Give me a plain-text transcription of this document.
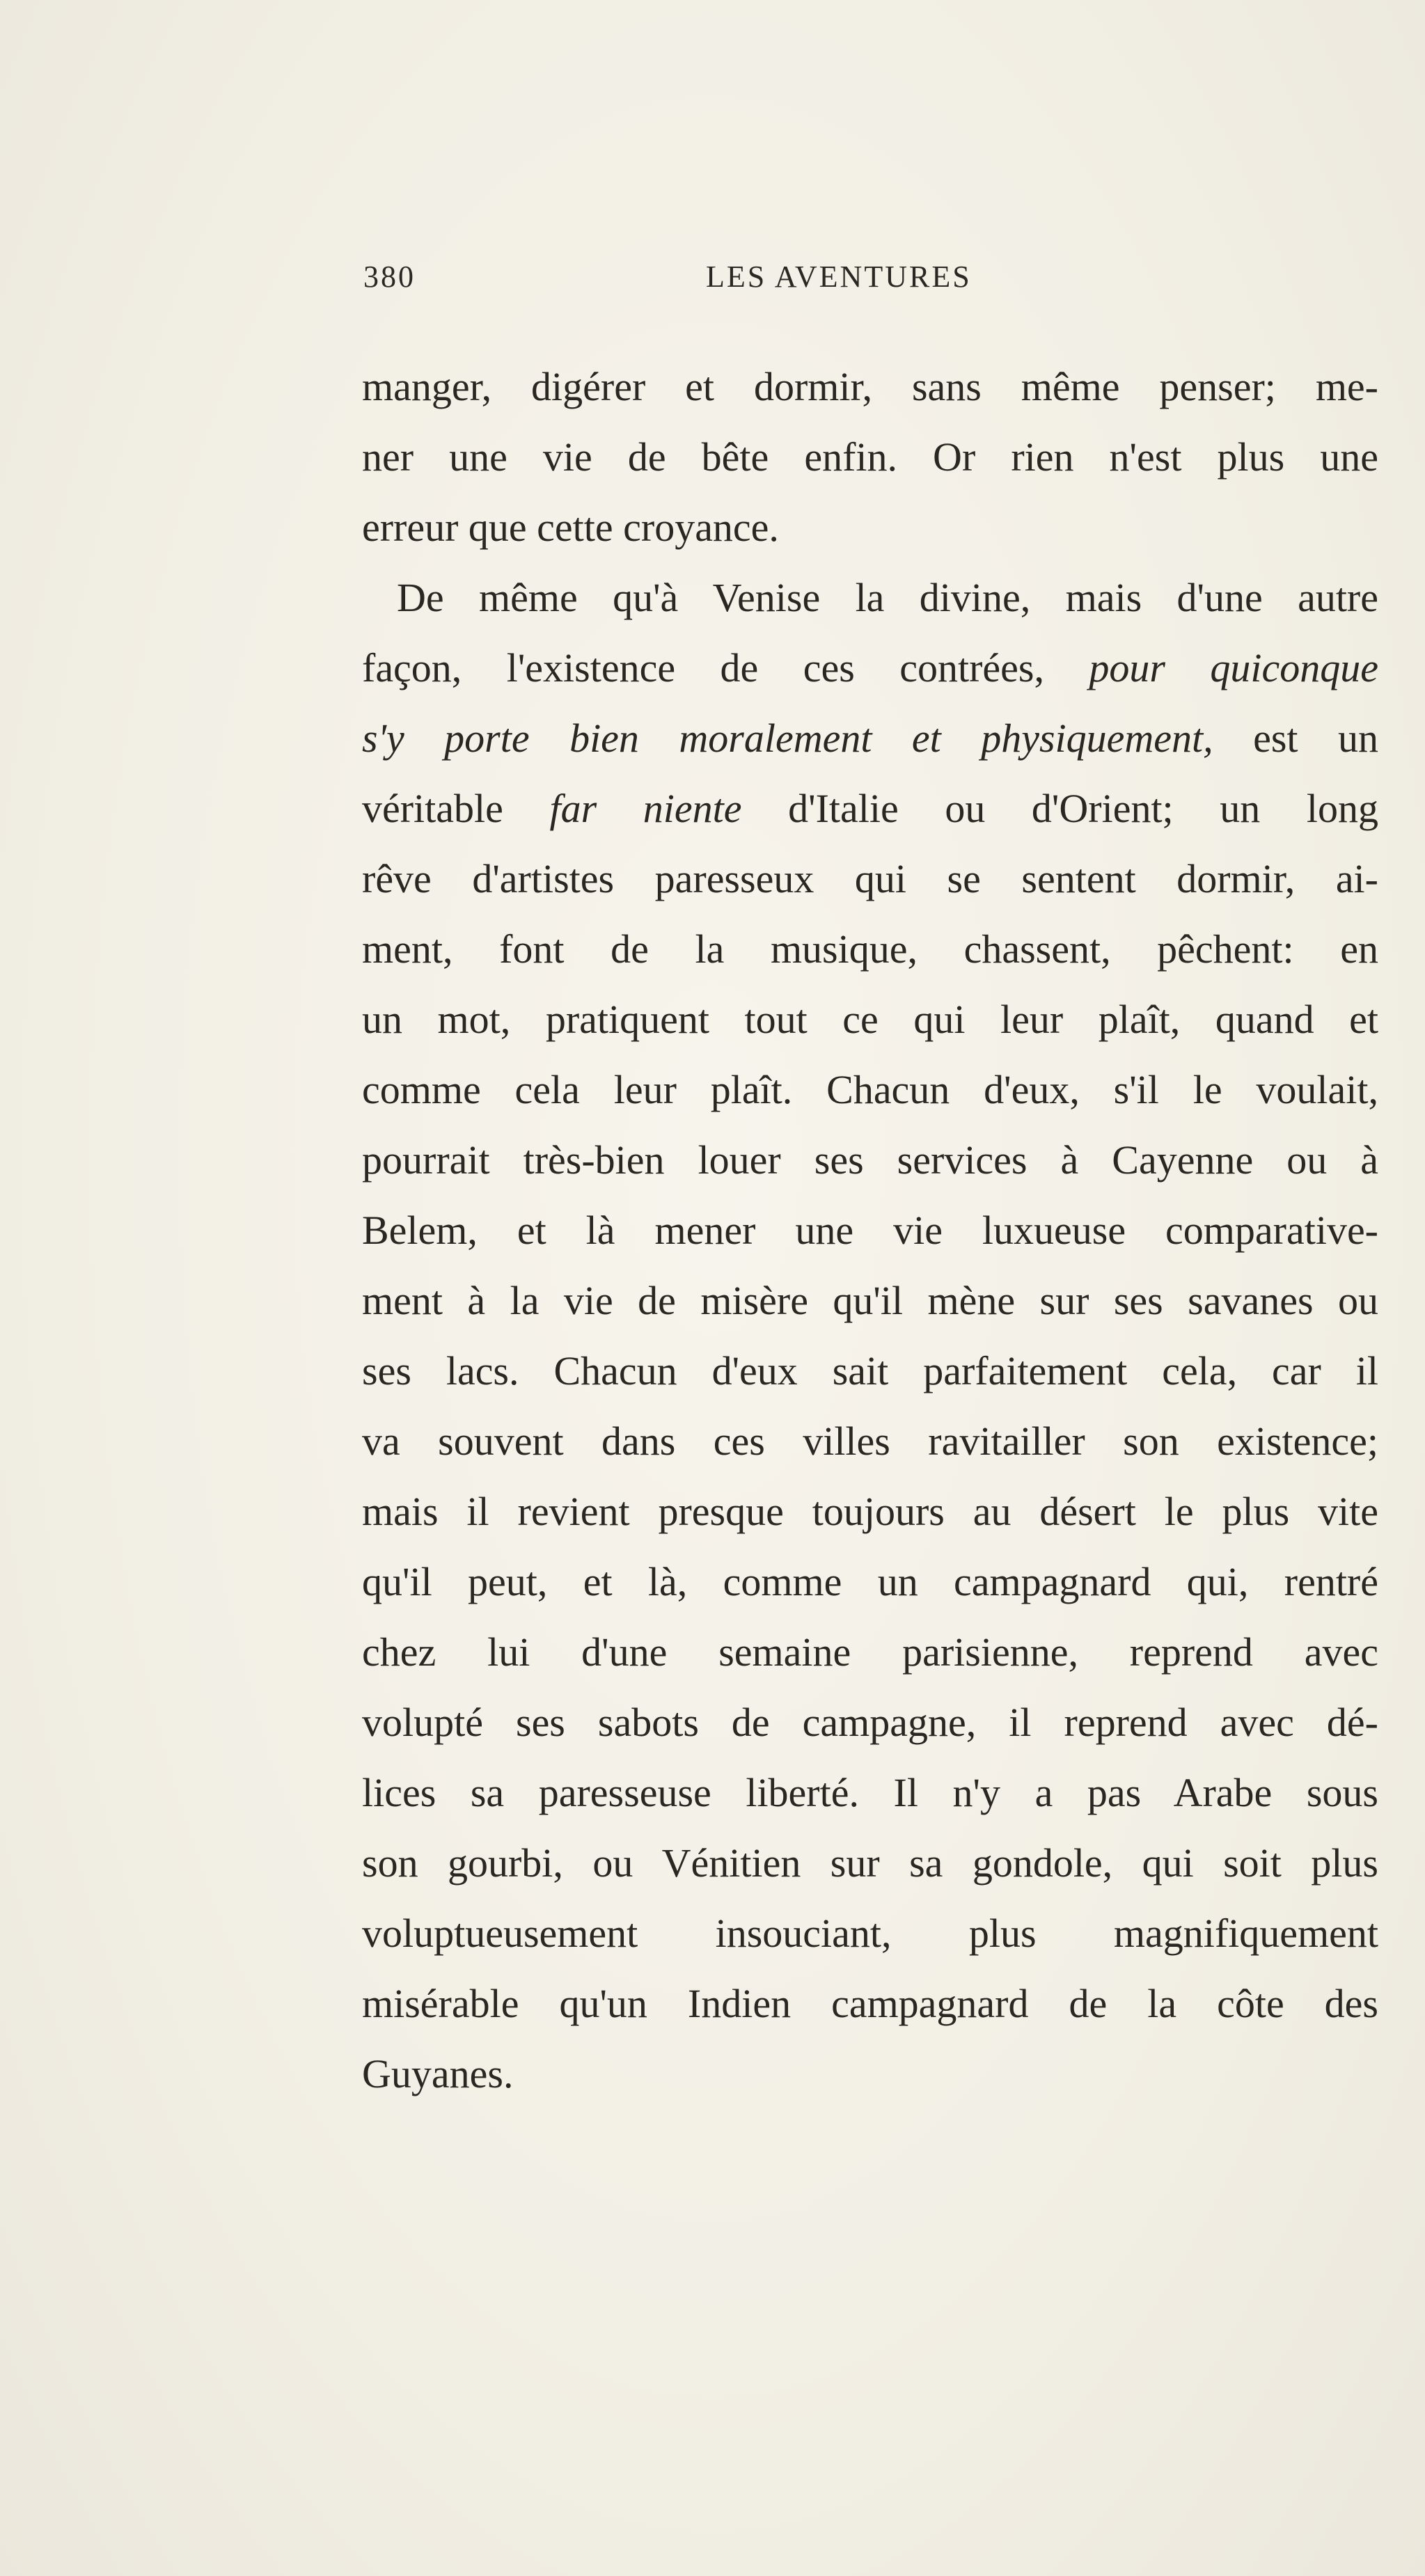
380	LES AVENTURES
manger, digérer et dormir, sans même penser; me-
ner une vie de bête enfin. Or rien n'est plus une
erreur que cette croyance.
De même qu'à Venise la divine, mais d'une autre
façon, l'existence de ces contrées, pour quiconque
s'y porte bien moralement et physiquement, est un
véritable far niente d'Italie ou d'Orient; un long
rêve d'artistes paresseux qui se sentent dormir, ai-
ment, font de la musique, chassent, pêchent: en
un mot, pratiquent tout ce qui leur plaît, quand et
comme cela leur plaît. Chacun d'eux, s'il le voulait,
pourrait très-bien louer ses services à Cayenne ou à
Belem, et là mener une vie luxueuse comparative-
ment à la vie de misère qu'il mène sur ses savanes ou
ses lacs. Chacun d'eux sait parfaitement cela, car il
va souvent dans ces villes ravitailler son existence;
mais il revient presque toujours au désert le plus vite
qu'il peut, et là, comme un campagnard qui, rentré
chez lui d'une semaine parisienne, reprend avec
volupté ses sabots de campagne, il reprend avec dé-
lices sa paresseuse liberté. Il n'y a pas Arabe sous
son gourbi, ou Vénitien sur sa gondole, qui soit plus
voluptueusement insouciant, plus magnifiquement
misérable qu'un Indien campagnard de la côte des
Guyanes.
